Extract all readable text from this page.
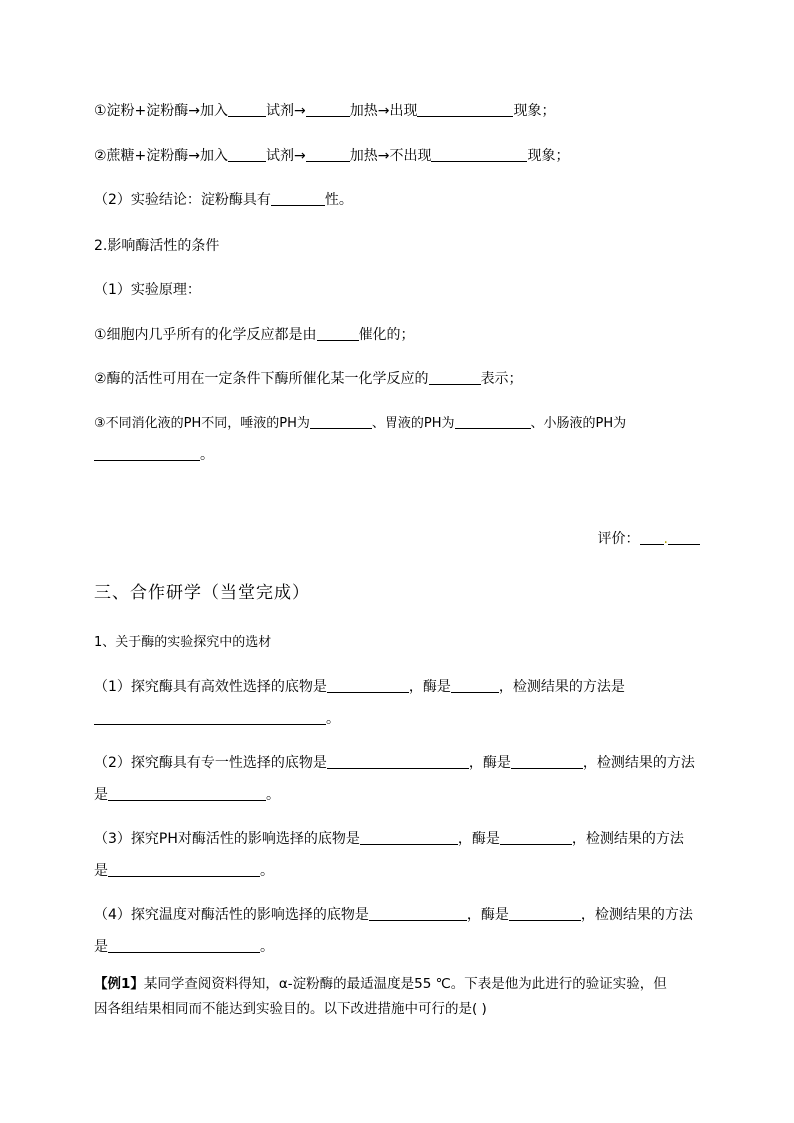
①淀粉+淀粉酶→加入	试剂→	加热→出现	现象；
②蔗糖+淀粉酶→加入	试剂→	加热→不出现	现象；
（2）实验结论：淀粉酶具有	性。
2.影响酶活性的条件
（1）实验原理：
①细胞内几乎所有的化学反应都是由	催化的；
②酶的活性可用在一定条件下酶所催化某一化学反应的	表示；
③不同消化液的PH不同，唾液的PH为	、胃液的PH为	、小肠液的PH为
。
评价： .
三、合作研学（当堂完成）
1、关于酶的实验探究中的选材
（1）探究酶具有高效性选择的底物是	，酶是	，检测结果的方法是
。
（2）探究酶具有专一性选择的底物是	，酶是	，检测结果的方法
是	。
（3）探究PH对酶活性的影响选择的底物是	，酶是	，检测结果的方法
是	。
（4）探究温度对酶活性的影响选择的底物是	，酶是	，检测结果的方法
是	。
【例1】某同学查阅资料得知，α-淀粉酶的最适温度是55 ℃。下表是他为此进行的验证实验，但
因各组结果相同而不能达到实验目的。以下改进措施中可行的是( )
